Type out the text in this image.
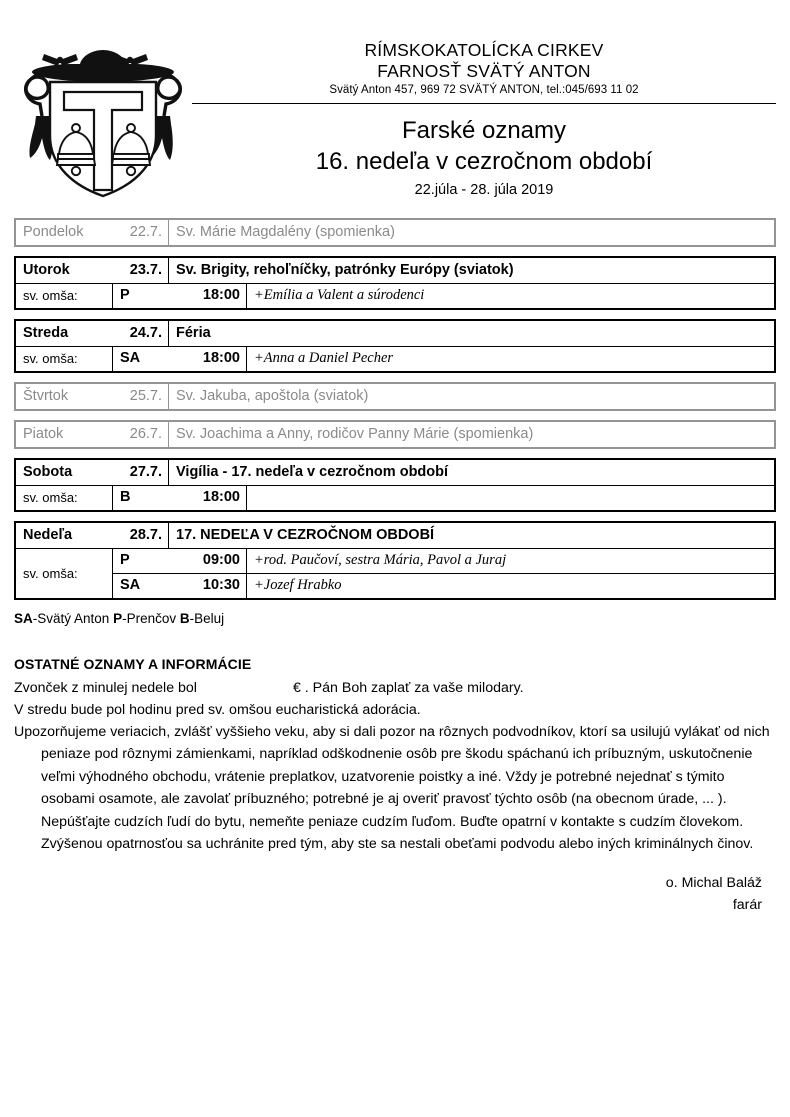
RÍMSKOKATOLÍCKA CIRKEV
FARNOSŤ SVÄTÝ ANTON
Svätý Anton 457, 969 72 SVÄTÝ ANTON, tel.:045/693 11 02
Farské oznamy
16. nedeľa v cezročnom období
22.júla - 28. júla 2019
Pondelok	22.7. Sv. Márie Magdalény (spomienka)
Utorok	23.7. Sv. Brigity, rehoľníčky, patrónky Európy (sviatok)
sv. omša:	P	18:00 +Emília a Valent a súrodenci
Streda	24.7. Féria
sv. omša:	SA	18:00 +Anna a Daniel Pecher
Štvrtok	25.7. Sv. Jakuba, apoštola (sviatok)
Piatok	26.7. Sv. Joachima a Anny, rodičov Panny Márie (spomienka)
Sobota	27.7. Vigília - 17. nedeľa v cezročnom období
sv. omša:	B	18:00
Nedeľa	28.7. 17. NEDEĽA V CEZROČNOM OBDOBÍ
sv. omša:
P	09:00 +rod. Paučoví, sestra Mária, Pavol a Juraj
SA	10:30 +Jozef Hrabko
SA-Svätý Anton P-Prenčov B-Beluj
OSTATNÉ OZNAMY A INFORMÁCIE
Zvonček z minulej nedele bol	€ . Pán Boh zaplať za vaše milodary.
V stredu bude pol hodinu pred sv. omšou eucharistická adorácia.
Upozorňujeme veriacich, zvlášť vyššieho veku, aby si dali pozor na rôznych podvodníkov, ktorí sa usilujú vylákať od nich peniaze pod rôznymi zámienkami, napríklad odškodnenie osôb pre škodu spáchanú ich príbuzným, uskutočnenie veľmi výhodného obchodu, vrátenie preplatkov, uzatvorenie poistky a iné. Vždy je potrebné nejednať s týmito osobami osamote, ale zavolať príbuzného; potrebné je aj overiť pravosť týchto osôb (na obecnom úrade, ... ). Nepúšťajte cudzích ľudí do bytu, nemeňte peniaze cudzím ľuďom. Buďte opatrní v kontakte s cudzím človekom. Zvýšenou opatrnosťou sa uchránite pred tým, aby ste sa nestali obeťami podvodu alebo iných kriminálnych činov.
o. Michal Baláž
farár
